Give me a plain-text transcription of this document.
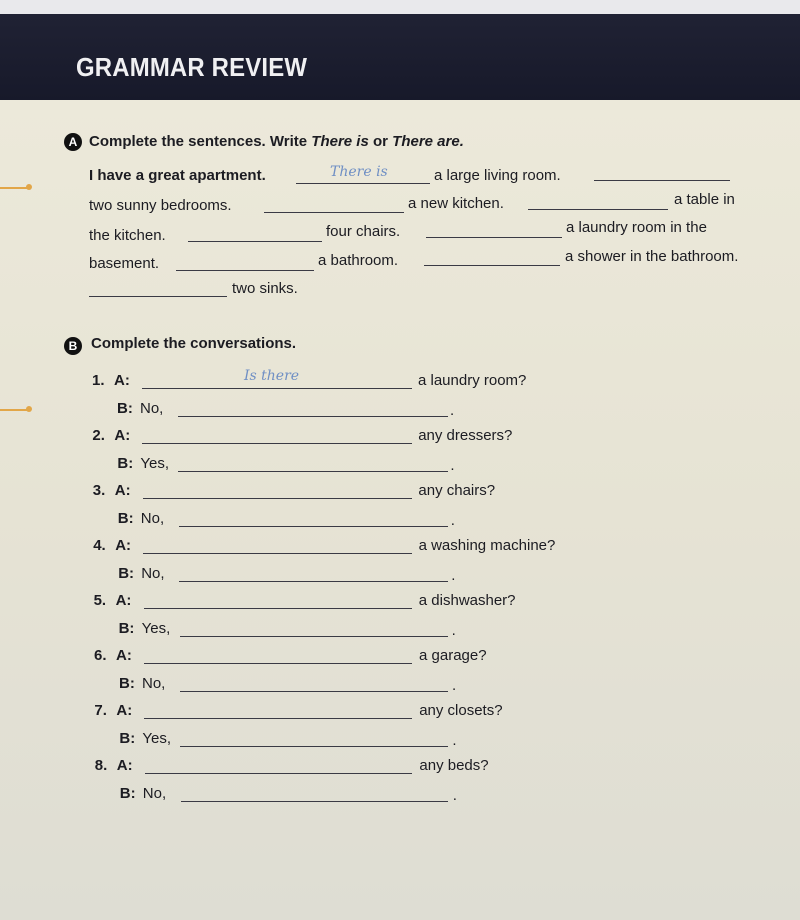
GRAMMAR REVIEW
A Complete the sentences. Write There is or There are.
I have a great apartment.	There is	a large living room.
two sunny bedrooms.	a new kitchen.	a table in
the kitchen.	four chairs.	a laundry room in the
basement.	a bathroom.	a shower in the bathroom.
two sinks.
B Complete the conversations.
1. A:	Is there	a laundry room?
B: No,	.
2. A:	any dressers?
B: Yes,	.
3. A:	any chairs?
B: No,	.
4. A:	a washing machine?
B: No,	.
5. A:	a dishwasher?
B: Yes,	.
6. A:	a garage?
B: No,	.
7. A:	any closets?
B: Yes,	.
8. A:	any beds?
B: No,	.
